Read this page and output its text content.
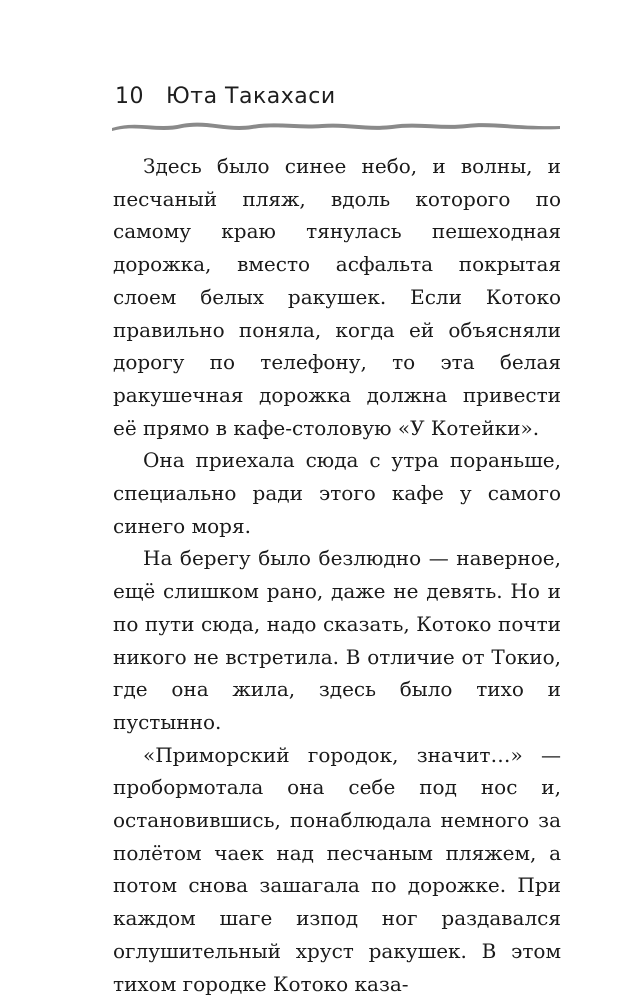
10 Юта Такахаси

Здесь было синее небо, и волны, и песчаный пляж, вдоль которого по самому краю тянулась пешеходная дорожка, вместо асфальта покрытая слоем белых ракушек. Если Котоко правильно поняла, когда ей объясняли дорогу по телефону, то эта белая ракушечная дорожка должна привести её прямо в кафе-столовую «У Котейки».

Она приехала сюда с утра пораньше, специально ради этого кафе у самого синего моря.

На берегу было безлюдно — наверное, ещё слишком рано, даже не девять. Но и по пути сюда, надо сказать, Котоко почти никого не встретила. В отличие от Токио, где она жила, здесь было тихо и пустынно.

«Приморский городок, значит…» — пробормотала она себе под нос и, остановившись, понаблюдала немного за полётом чаек над песчаным пляжем, а потом снова зашагала по дорожке. При каждом шаге изпод ног раздавался оглушительный хруст ракушек. В этом тихом городке Котоко каза-
